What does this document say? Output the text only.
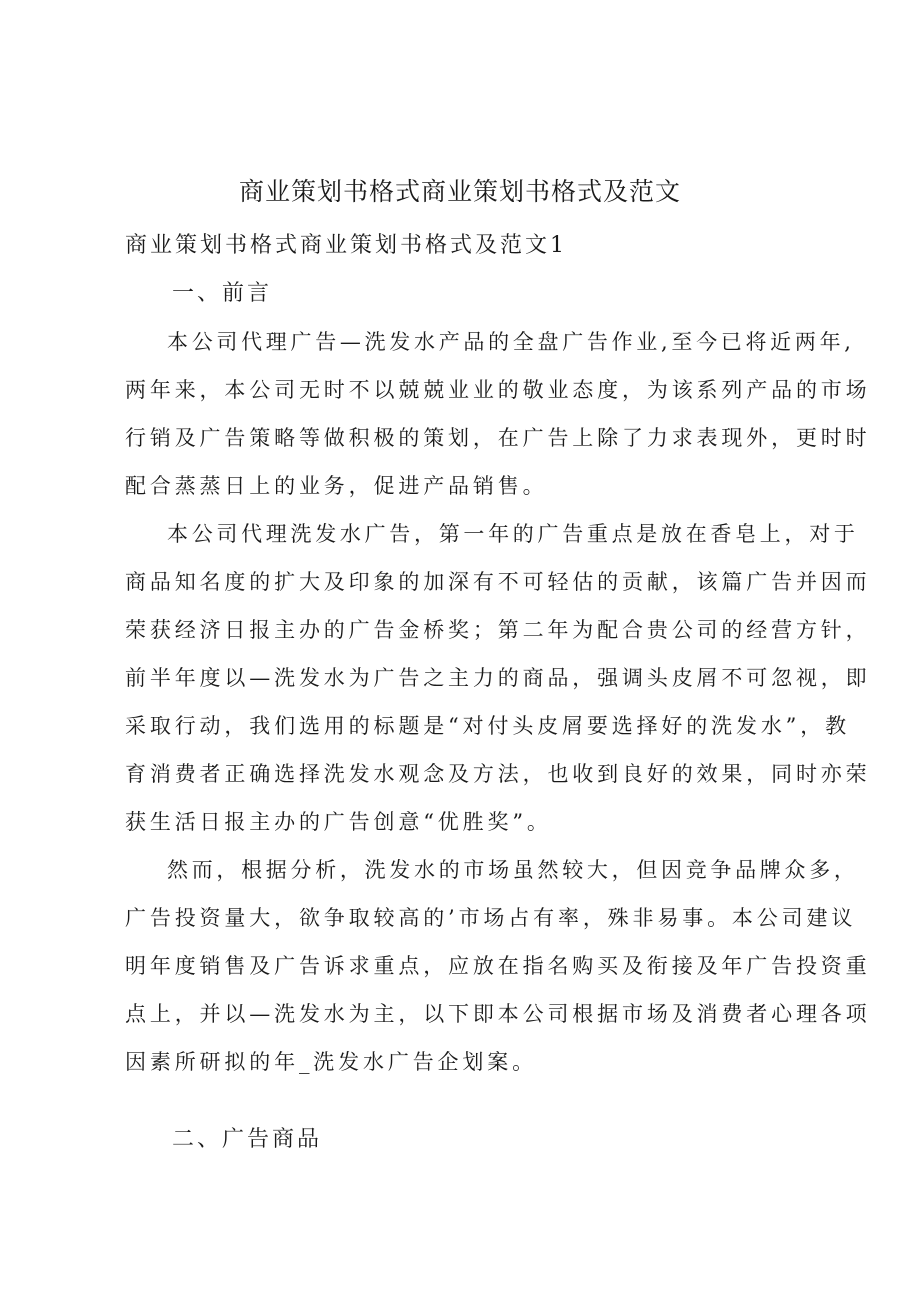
商业策划书格式商业策划书格式及范文
商业策划书格式商业策划书格式及范文1
一、前言
本公司代理广告—洗发水产品的全盘广告作业,至今已将近两年,
两年来，本公司无时不以兢兢业业的敬业态度，为该系列产品的市场
行销及广告策略等做积极的策划，在广告上除了力求表现外，更时时
配合蒸蒸日上的业务，促进产品销售。
本公司代理洗发水广告，第一年的广告重点是放在香皂上，对于
商品知名度的扩大及印象的加深有不可轻估的贡献，该篇广告并因而
荣获经济日报主办的广告金桥奖；第二年为配合贵公司的经营方针，
前半年度以—洗发水为广告之主力的商品，强调头皮屑不可忽视，即
采取行动，我们选用的标题是“对付头皮屑要选择好的洗发水”，教
育消费者正确选择洗发水观念及方法，也收到良好的效果，同时亦荣
获生活日报主办的广告创意“优胜奖”。
然而，根据分析，洗发水的市场虽然较大，但因竞争品牌众多，
广告投资量大，欲争取较高的’市场占有率，殊非易事。本公司建议
明年度销售及广告诉求重点，应放在指名购买及衔接及年广告投资重
点上，并以—洗发水为主，以下即本公司根据市场及消费者心理各项
因素所研拟的年_洗发水广告企划案。
二、广告商品
